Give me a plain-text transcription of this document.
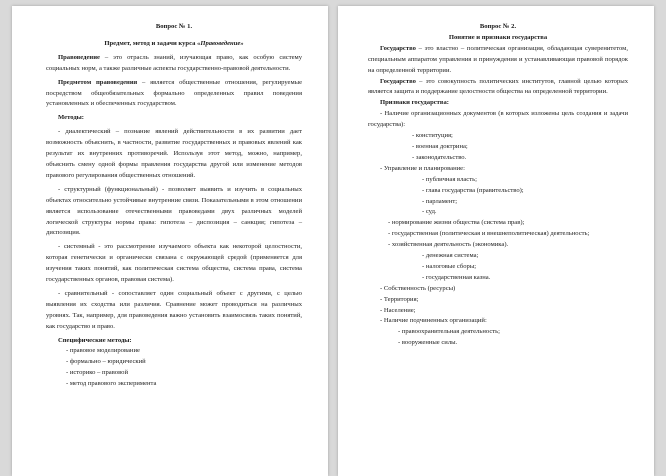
Вопрос № 1.

Предмет, метод и задачи курса «Правоведение»

Правоведение – это отрасль знаний, изучающая право, как особую систему социальных норм, а также различные аспекты государственно-правовой деятельности.

Предметом правоведения – является общественные отношения, регулируемые посредством общеобязательных формально определенных правил поведения установленных и обеспеченных государством.

Методы:

- диалектический – познание явлений действительности в их развитии дает возможность объяснить, в частности, развитие государственных и правовых явлений как результат их внутренних противоречий. Используя этот метод, можно, например, объяснить смену одной формы правления государства другой или изменение методов правового регулирования общественных отношений.

- структурный (функциональный) - позволяет выявить и изучить в социальных объектах относительно устойчивые внутренние связи. Показательными в этом отношении является использование отечественными правоведами двух различных моделей логической структуры нормы права: гипотеза – диспозиция – санкция; гипотеза – диспозиция.

- системный - это рассмотрение изучаемого объекта как некоторой целостности, которая генетически и органически связана с окружающей средой (применяется для изучения таких понятий, как политическая система общества, система права, система государственных органов, правовая система).

- сравнительный - сопоставляет один социальный объект с другими, с целью выявления их сходства или различия. Сравнение может проводиться на различных уровнях. Так, например, для правоведения важно установить взаимосвязь таких понятий, как государство и право.

Специфические методы:

- правовое моделирование

- формально – юридический

- историко – правовой

- метод правового эксперимента

Вопрос № 2.

Понятие и признаки государства

Государство – это властно – политическая организация, обладающая суверенитетом, специальным аппаратом управления и принуждения и устанавливающая правовой порядок на определенной территории.

Государство – это совокупность политических институтов, главной целью которых является защита и поддержание целостности общества на определенной территории.

Признаки государства:

- Наличие организационных документов (в которых изложены цель создания и задачи государства):

- конституция;

- военная доктрина;

- законодательство.

- Управление и планирование:

- публичная власть;

- глава государства (правительство);

- парламент;

- суд.

- нормирование жизни общества (система прав);

- государственная (политическая и внешнеполитическая) деятельность;

- хозяйственная деятельность (экономика).

- денежная система;

- налоговые сборы;

- государственная казна.

- Собственность (ресурсы)

- Территория;

- Население;

- Наличие подчиненных организаций:

- правоохранительная деятельность;

- вооруженные силы.
